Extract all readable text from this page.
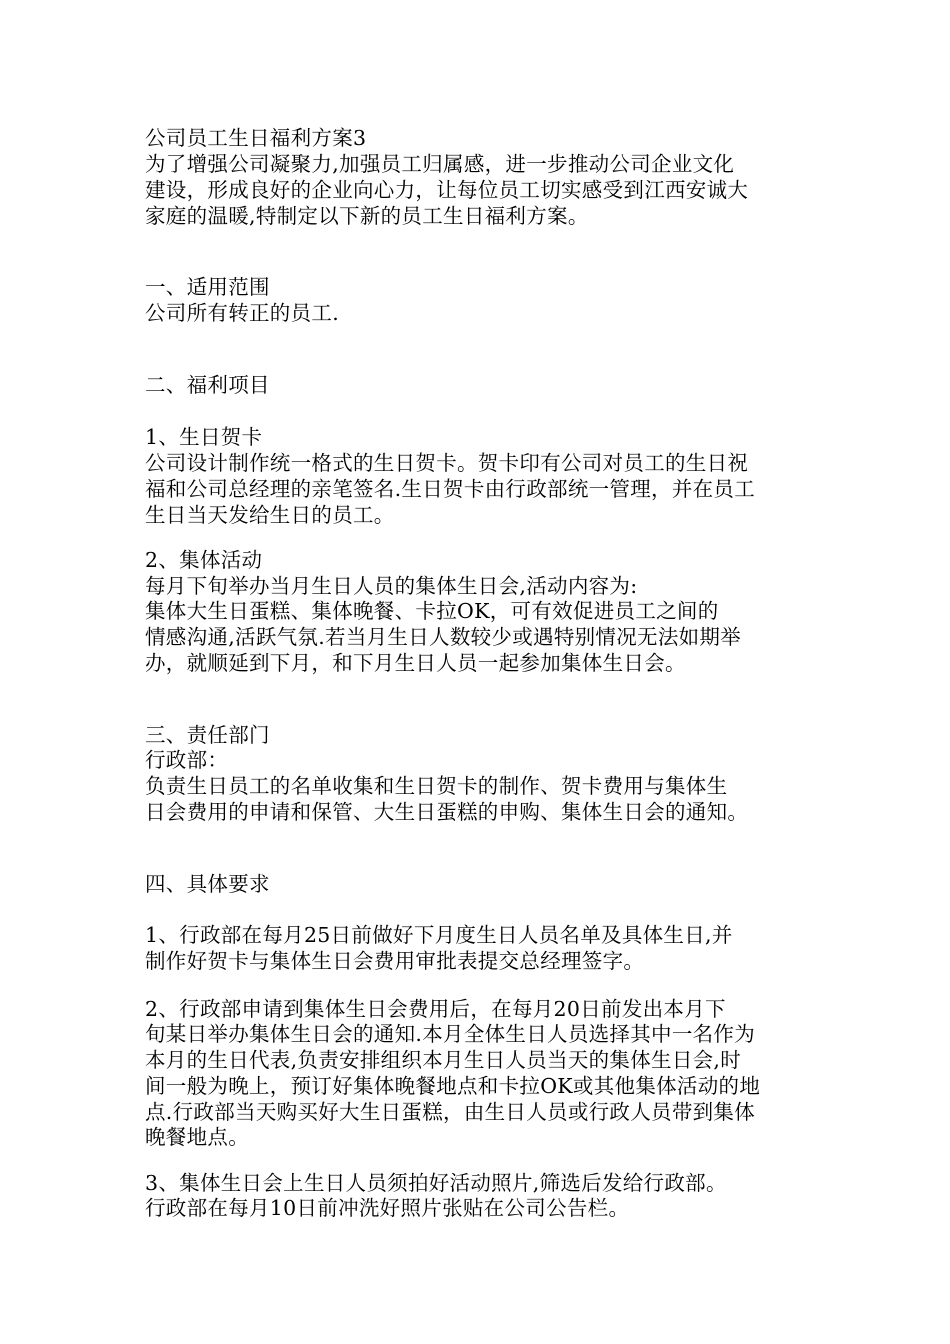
公司员工生日福利方案3
为了增强公司凝聚力,加强员工归属感，进一步推动公司企业文化
建设，形成良好的企业向心力，让每位员工切实感受到江西安诚大
家庭的温暖,特制定以下新的员工生日福利方案。
一、适用范围
公司所有转正的员工.
二、福利项目
1、生日贺卡
公司设计制作统一格式的生日贺卡。贺卡印有公司对员工的生日祝
福和公司总经理的亲笔签名.生日贺卡由行政部统一管理，并在员工
生日当天发给生日的员工。
2、集体活动
每月下旬举办当月生日人员的集体生日会,活动内容为:
集体大生日蛋糕、集体晚餐、卡拉OK，可有效促进员工之间的
情感沟通,活跃气氛.若当月生日人数较少或遇特别情况无法如期举
办，就顺延到下月，和下月生日人员一起参加集体生日会。
三、责任部门
行政部：
负责生日员工的名单收集和生日贺卡的制作、贺卡费用与集体生
日会费用的申请和保管、大生日蛋糕的申购、集体生日会的通知。
四、具体要求
1、行政部在每月25日前做好下月度生日人员名单及具体生日,并
制作好贺卡与集体生日会费用审批表提交总经理签字。
2、行政部申请到集体生日会费用后，在每月20日前发出本月下
旬某日举办集体生日会的通知.本月全体生日人员选择其中一名作为
本月的生日代表,负责安排组织本月生日人员当天的集体生日会,时
间一般为晚上，预订好集体晚餐地点和卡拉OK或其他集体活动的地
点.行政部当天购买好大生日蛋糕，由生日人员或行政人员带到集体
晚餐地点。
3、集体生日会上生日人员须拍好活动照片,筛选后发给行政部。
行政部在每月10日前冲洗好照片张贴在公司公告栏。
